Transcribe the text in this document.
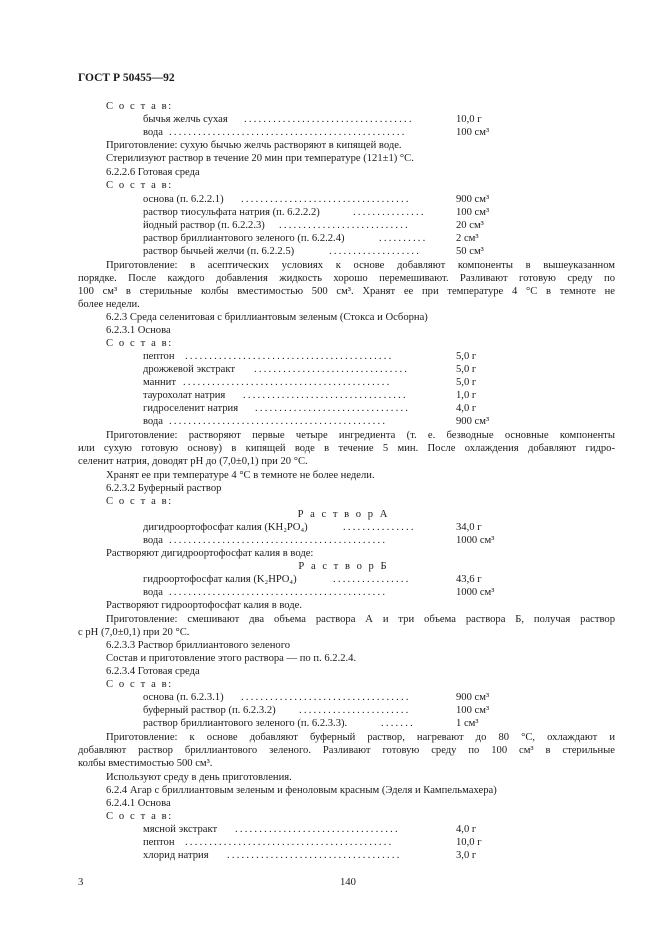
ГОСТ Р 50455—92
С о с т а в:
бычья желчь сухая ...................................	10,0 г
вода .................................................	100 см³
Приготовление: сухую бычью желчь растворяют в кипящей воде.
Стерилизуют раствор в течение 20 мин при температуре (121±1) °С.
6.2.2.6 Готовая среда
С о с т а в:
основа (п. 6.2.2.1) ...................................	900 см³
раствор тиосульфата натрия (п. 6.2.2.2)	...............	100 см³
йодный раствор (п. 6.2.2.3) ...........................	20 см³
раствор бриллиантового зеленого (п. 6.2.2.4)	..........	2 см³
раствор бычьей желчи (п. 6.2.2.5)	...................	50 см³
Приготовление: в асептических условиях к основе добавляют компоненты в вышеуказанном
порядке. После каждого добавления жидкость хорошо перемешивают. Разливают готовую среду по
100 см³ в стерильные колбы вместимостью 500 см³. Хранят ее при температуре 4 °С в темноте не
более недели.
6.2.3 Среда селенитовая с бриллиантовым зеленым (Стокса и Осборна)
6.2.3.1 Основа
С о с т а в:
пептон ...........................................	5,0 г
дрожжевой экстракт ................................	5,0 г
маннит ...........................................	5,0 г
таурохолат натрия ..................................	1,0 г
гидроселенит натрия ................................	4,0 г
вода .............................................	900 см³
Приготовление: растворяют первые четыре ингредиента (т. е. безводные основные компоненты
или сухую готовую основу) в кипящей воде в течение 5 мин. После охлаждения добавляют гидро-
селенит натрия, доводят pH до (7,0±0,1) при 20 °С.
Хранят ее при температуре 4 °С в темноте не более недели.
6.2.3.2 Буферный раствор
С о с т а в:
Р а с т в о р А
дигидроортофосфат калия (KH₂PO₄)	...............	34,0 г
вода .............................................	1000 см³
Растворяют дигидроортофосфат калия в воде:
Р а с т в о р Б
гидроортофосфат калия (K₂HPO₄)	................	43,6 г
вода .............................................	1000 см³
Растворяют гидроортофосфат калия в воде.
Приготовление: смешивают два объема раствора А и три объема раствора Б, получая раствор
с pH (7,0±0,1) при 20 °С.
6.2.3.3 Раствор бриллиантового зеленого
Состав и приготовление этого раствора — по п. 6.2.2.4.
6.2.3.4 Готовая среда
С о с т а в:
основа (п. 6.2.3.1) ...................................	900 см³
буферный раствор (п. 6.2.3.2) .......................	100 см³
раствор бриллиантового зеленого (п. 6.2.3.3).	.......	1 см³
Приготовление: к основе добавляют буферный раствор, нагревают до 80 °С, охлаждают и
добавляют раствор бриллиантового зеленого. Разливают готовую среду по 100 см³ в стерильные
колбы вместимостью 500 см³.
Используют среду в день приготовления.
6.2.4 Агар с бриллиантовым зеленым и феноловым красным (Эделя и Кампельмахера)
6.2.4.1 Основа
С о с т а в:
мясной экстракт ..................................	4,0 г
пептон ...........................................	10,0 г
хлорид натрия ....................................	3,0 г
3	140
